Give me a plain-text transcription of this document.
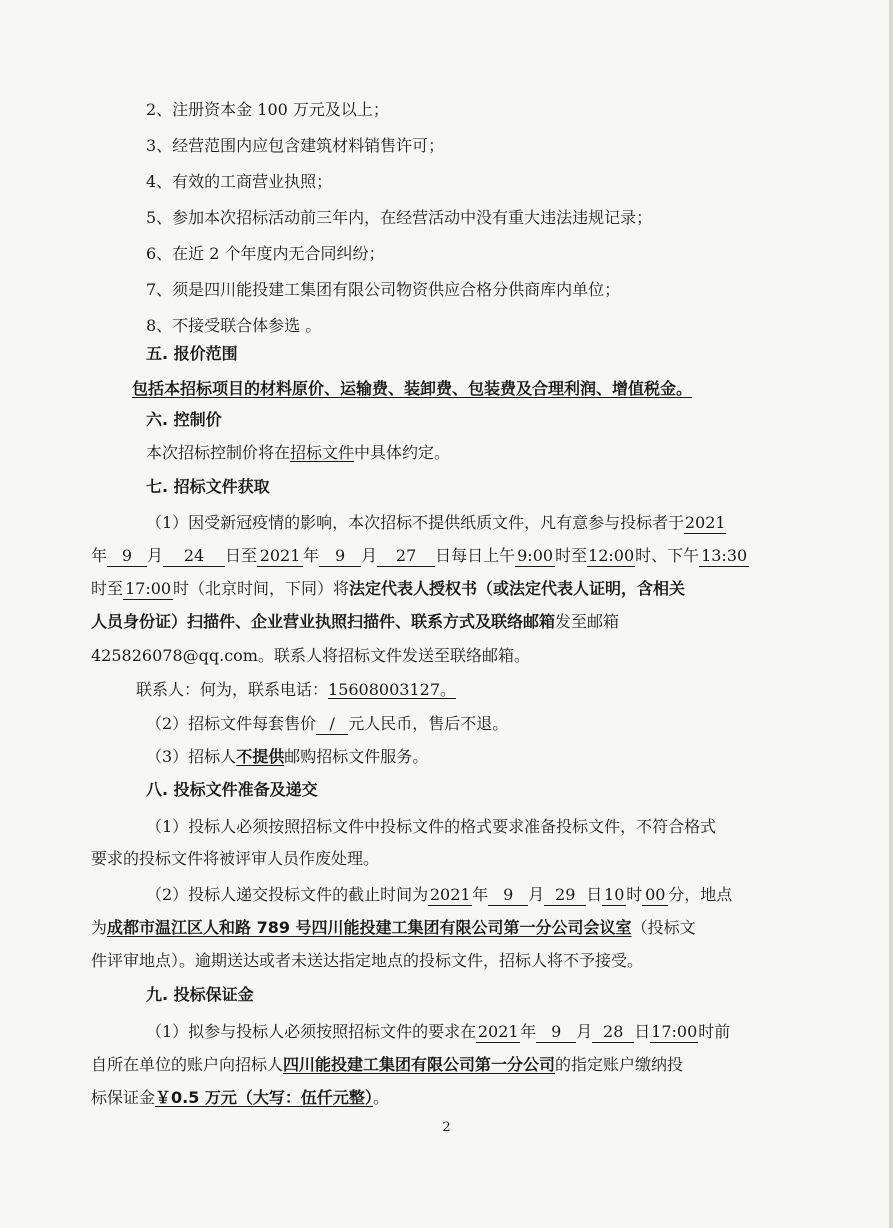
2、注册资本金 100 万元及以上；
3、经营范围内应包含建筑材料销售许可；
4、有效的工商营业执照；
5、参加本次招标活动前三年内，在经营活动中没有重大违法违规记录；
6、在近 2 个年度内无合同纠纷；
7、须是四川能投建工集团有限公司物资供应合格分供商库内单位；
8、不接受联合体参选 。
五. 报价范围
包括本招标项目的材料原价、运输费、装卸费、包装费及合理利润、增值税金。
六. 控制价
本次招标控制价将在招标文件中具体约定。
七. 招标文件获取
（1）因受新冠疫情的影响，本次招标不提供纸质文件，凡有意参与投标者于2021
年 9 月 24 日至 2021 年 9 月 27 日每日上午 9:00 时至12:00时、下午 13:30
时至 17:00 时（北京时间，下同）将法定代表人授权书（或法定代表人证明，含相关
人员身份证）扫描件、企业营业执照扫描件、联系方式及联络邮箱发至邮箱
425826078@qq.com。联系人将招标文件发送至联络邮箱。
联系人：何为，联系电话：15608003127。
（2）招标文件每套售价 / 元人民币，售后不退。
（3）招标人不提供邮购招标文件服务。
八. 投标文件准备及递交
（1）投标人必须按照招标文件中投标文件的格式要求准备投标文件，不符合格式
要求的投标文件将被评审人员作废处理。
（2）投标人递交投标文件的截止时间为 2021 年 9 月 29 日 10 时 00 分，地点
为成都市温江区人和路 789 号四川能投建工集团有限公司第一分公司会议室（投标文
件评审地点）。逾期送达或者未送达指定地点的投标文件，招标人将不予接受。
九. 投标保证金
（1）拟参与投标人必须按照招标文件的要求在 2021 年 9 月 28 日17:00时前
自所在单位的账户向招标人四川能投建工集团有限公司第一分公司的指定账户缴纳投
标保证金￥0.5 万元（大写：伍仟元整）。
2
